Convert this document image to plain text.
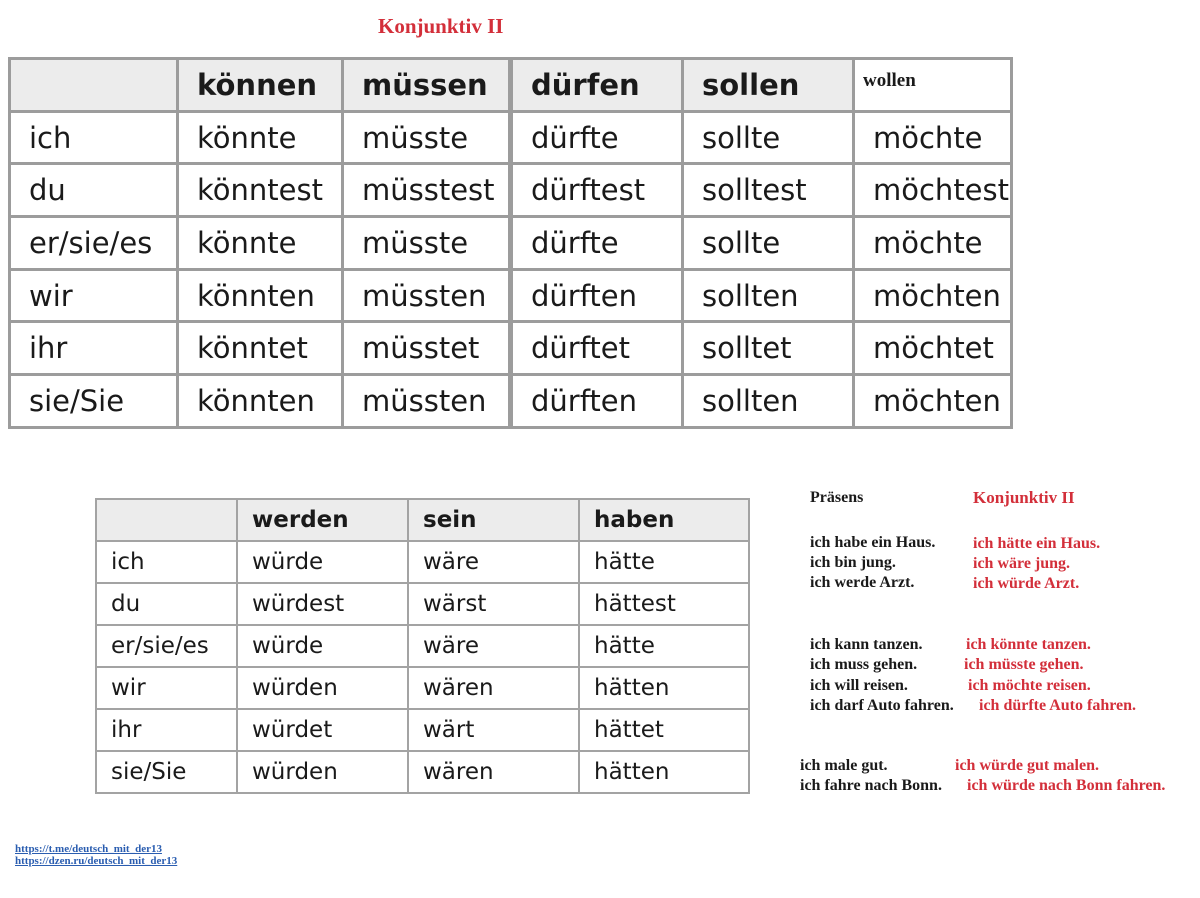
Konjunktiv II
	können	müssen	dürfen	sollen	wollen
ich	könnte	müsste	dürfte	sollte	möchte
du	könntest	müsstest	dürftest	solltest	möchtest
er/sie/es	könnte	müsste	dürfte	sollte	möchte
wir	könnten	müssten	dürften	sollten	möchten
ihr	könntet	müsstet	dürftet	solltet	möchtet
sie/Sie	könnten	müssten	dürften	sollten	möchten
	werden	sein	haben
ich	würde	wäre	hätte
du	würdest	wärst	hättest
er/sie/es	würde	wäre	hätte
wir	würden	wären	hätten
ihr	würdet	wärt	hättet
sie/Sie	würden	wären	hätten
Präsens	Konjunktiv II
ich habe ein Haus. ich hätte ein Haus.
ich bin jung.	ich wäre jung.
ich werde Arzt.	ich würde Arzt.
ich kann tanzen.	ich könnte tanzen.
ich muss gehen.	ich müsste gehen.
ich will reisen.	ich möchte reisen.
ich darf Auto fahren. ich dürfte Auto fahren.
ich male gut.	ich würde gut malen.
ich fahre nach Bonn. ich würde nach Bonn fahren.
https://t.me/deutsch_mit_der13
https://dzen.ru/deutsch_mit_der13
